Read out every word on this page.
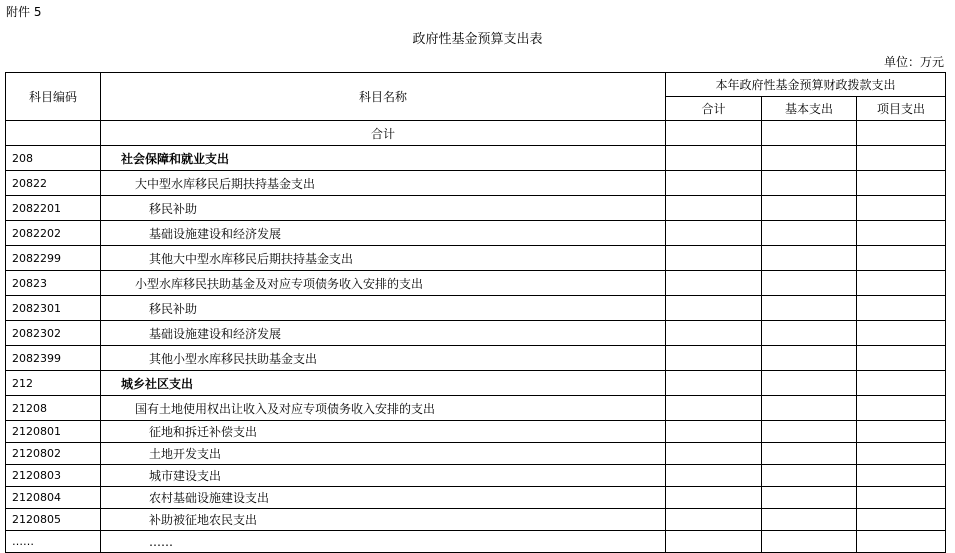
附件 5
政府性基金预算支出表
单位：万元
科目编码	科目名称	本年政府性基金预算财政拨款支出		
		合计	基本支出	项目支出
	合计			
208	社会保障和就业支出			
20822	大中型水库移民后期扶持基金支出			
2082201	移民补助			
2082202	基础设施建设和经济发展			
2082299	其他大中型水库移民后期扶持基金支出			
20823	小型水库移民扶助基金及对应专项债务收入安排的支出			
2082301	移民补助			
2082302	基础设施建设和经济发展			
2082399	其他小型水库移民扶助基金支出			
212	城乡社区支出			
21208	国有土地使用权出让收入及对应专项债务收入安排的支出			
2120801	征地和拆迁补偿支出			
2120802	土地开发支出			
2120803	城市建设支出			
2120804	农村基础设施建设支出			
2120805	补助被征地农民支出			
……	……			
